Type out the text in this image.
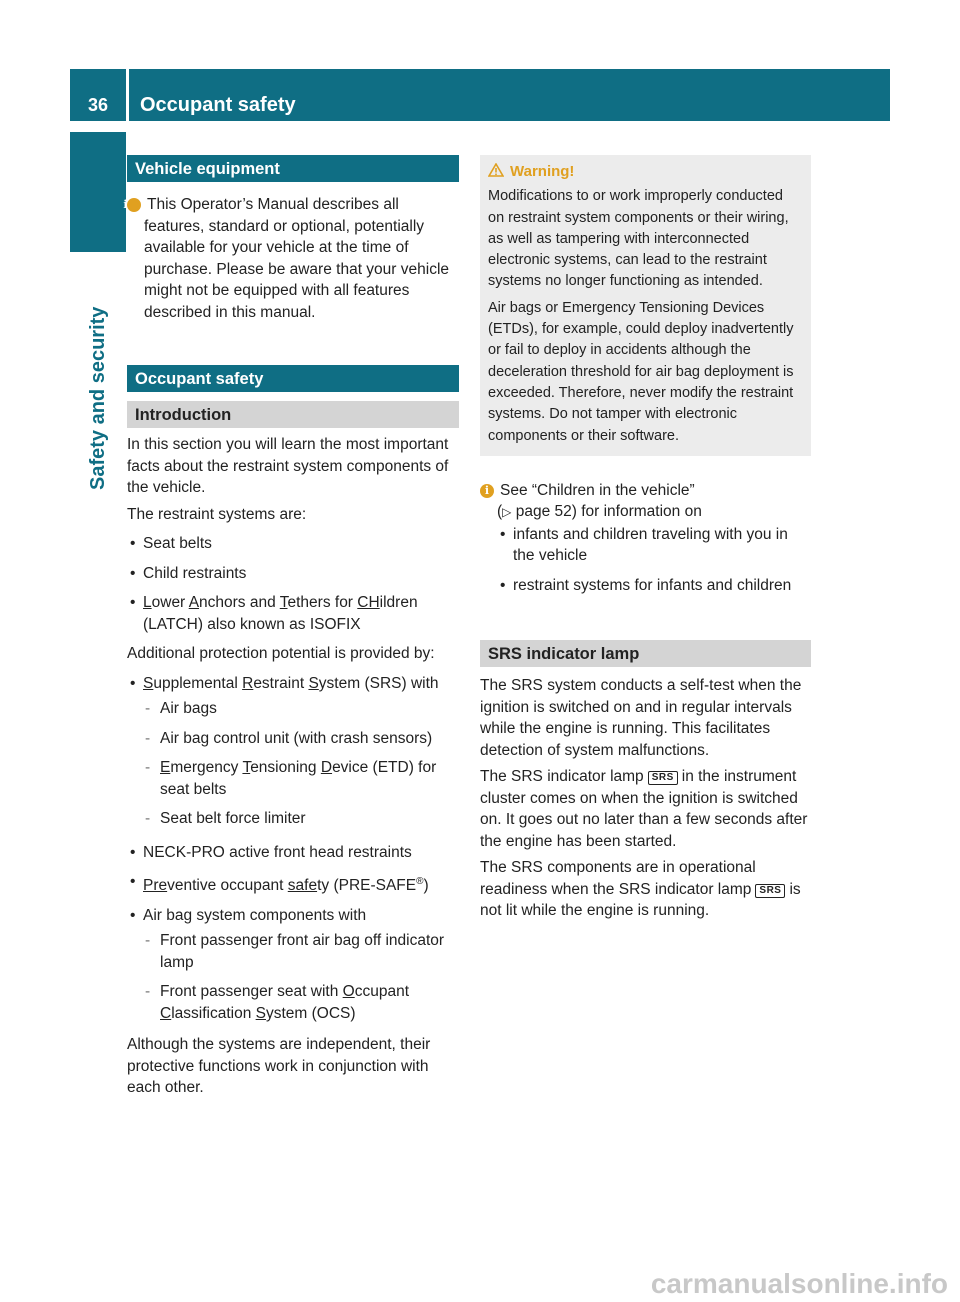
36	Occupant safety
Safety and security
Vehicle equipment

i This Operator’s Manual describes all features, standard or optional, potentially available for your vehicle at the time of purchase. Please be aware that your vehicle might not be equipped with all features described in this manual.

Occupant safety
Introduction

In this section you will learn the most important facts about the restraint system components of the vehicle.

The restraint systems are:

• Seat belts
• Child restraints
• Lower Anchors and Tethers for CHildren (LATCH) also known as ISOFIX

Additional protection potential is provided by:

• Supplemental Restraint System (SRS) with
- Air bags
- Air bag control unit (with crash sensors)
- Emergency Tensioning Device (ETD) for seat belts
- Seat belt force limiter
• NECK-PRO active front head restraints
• Preventive occupant safety (PRE-SAFE®)
• Air bag system components with
- Front passenger front air bag off indicator lamp
- Front passenger seat with Occupant Classification System (OCS)

Although the systems are independent, their protective functions work in conjunction with each other.

Warning!

Modifications to or work improperly conducted on restraint system components or their wiring, as well as tampering with interconnected electronic systems, can lead to the restraint systems no longer functioning as intended.

Air bags or Emergency Tensioning Devices (ETDs), for example, could deploy inadvertently or fail to deploy in accidents although the deceleration threshold for air bag deployment is exceeded. Therefore, never modify the restraint systems. Do not tamper with electronic components or their software.

i See “Children in the vehicle”

(▷ page 52) for information on

• infants and children traveling with you in the vehicle
• restraint systems for infants and children
SRS indicator lamp

The SRS system conducts a self-test when the ignition is switched on and in regular intervals while the engine is running. This facilitates detection of system malfunctions.

The SRS indicator lamp SRS in the instrument cluster comes on when the ignition is switched on. It goes out no later than a few seconds after the engine has been started.

The SRS components are in operational readiness when the SRS indicator lamp SRS is not lit while the engine is running.

carmanualsonline.info
